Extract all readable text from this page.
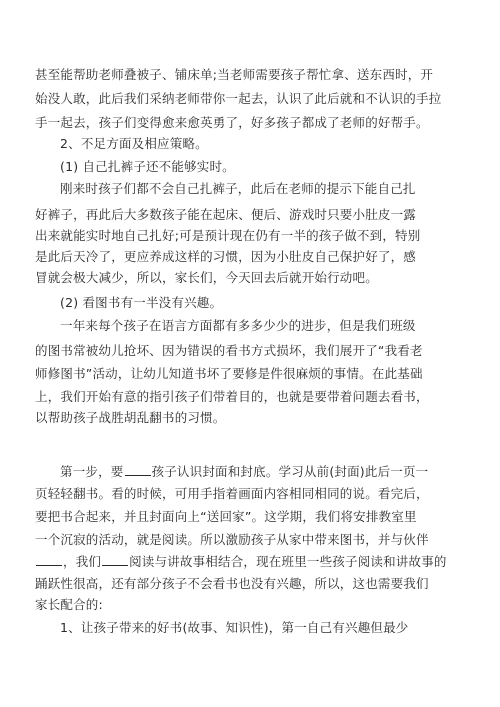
甚至能帮助老师叠被子、铺床单;当老师需要孩子帮忙拿、送东西时，开
始没人敢，此后我们采纳老师带你一起去，认识了此后就和不认识的手拉
手一起去，孩子们变得愈来愈英勇了，好多孩子都成了老师的好帮手。
2、不足方面及相应策略。
(1) 自己扎裤子还不能够实时。
刚来时孩子们都不会自己扎裤子，此后在老师的提示下能自己扎
好裤子，再此后大多数孩子能在起床、便后、游戏时只要小肚皮一露
出来就能实时地自己扎好;可是预计现在仍有一半的孩子做不到，特别
是此后天冷了，更应养成这样的习惯，因为小肚皮自己保护好了，感
冒就会极大减少，所以，家长们，今天回去后就开始行动吧。
(2) 看图书有一半没有兴趣。
一年来每个孩子在语言方面都有多多少少的进步，但是我们班级
的图书常被幼儿抢坏、因为错误的看书方式损坏，我们展开了“我看老
师修图书”活动，让幼儿知道书坏了要修是件很麻烦的事情。在此基础
上，我们开始有意的指引孩子们带着目的，也就是要带着问题去看书，
以帮助孩子战胜胡乱翻书的习惯。
第一步，要 孩子认识封面和封底。学习从前(封面)此后一页一
页轻轻翻书。看的时候，可用手指着画面内容相同相同的说。看完后，
要把书合起来，并且封面向上“送回家”。这学期，我们将安排教室里
一个沉寂的活动，就是阅读。所以激励孩子从家中带来图书，并与伙伴
，我们 阅读与讲故事相结合，现在班里一些孩子阅读和讲故事的
踊跃性很高，还有部分孩子不会看书也没有兴趣，所以，这也需要我们
家长配合的:
1、让孩子带来的好书(故事、知识性)，第一自己有兴趣但最少
